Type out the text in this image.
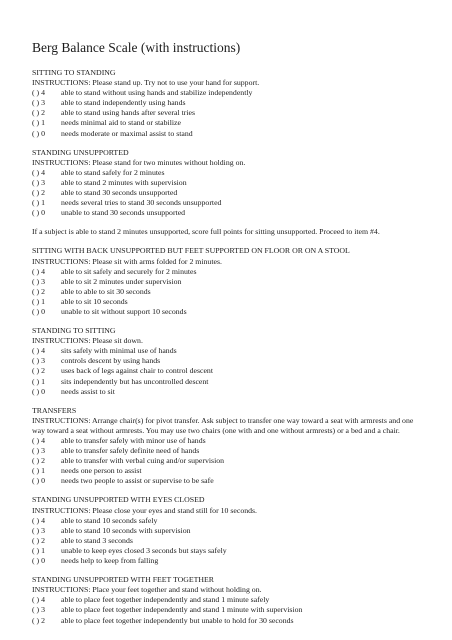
Berg Balance Scale (with instructions)
SITTING TO STANDING
INSTRUCTIONS: Please stand up. Try not to use your hand for support.
( ) 4	able to stand without using hands and stabilize independently
( ) 3	able to stand independently using hands
( ) 2	able to stand using hands after several tries
( ) 1	needs minimal aid to stand or stabilize
( ) 0	needs moderate or maximal assist to stand
STANDING UNSUPPORTED
INSTRUCTIONS: Please stand for two minutes without holding on.
( ) 4	able to stand safely for 2 minutes
( ) 3	able to stand 2 minutes with supervision
( ) 2	able to stand 30 seconds unsupported
( ) 1	needs several tries to stand 30 seconds unsupported
( ) 0	unable to stand 30 seconds unsupported
If a subject is able to stand 2 minutes unsupported, score full points for sitting unsupported. Proceed to item #4.
SITTING WITH BACK UNSUPPORTED BUT FEET SUPPORTED ON FLOOR OR ON A STOOL
INSTRUCTIONS: Please sit with arms folded for 2 minutes.
( ) 4	able to sit safely and securely for 2 minutes
( ) 3	able to sit 2 minutes under supervision
( ) 2	able to able to sit 30 seconds
( ) 1	able to sit 10 seconds
( ) 0	unable to sit without support 10 seconds
STANDING TO SITTING
INSTRUCTIONS: Please sit down.
( ) 4	sits safely with minimal use of hands
( ) 3	controls descent by using hands
( ) 2	uses back of legs against chair to control descent
( ) 1	sits independently but has uncontrolled descent
( ) 0	needs assist to sit
TRANSFERS
INSTRUCTIONS: Arrange chair(s) for pivot transfer. Ask subject to transfer one way toward a seat with armrests and one way toward a seat without armrests. You may use two chairs (one with and one without armrests) or a bed and a chair.
( ) 4	able to transfer safely with minor use of hands
( ) 3	able to transfer safely definite need of hands
( ) 2	able to transfer with verbal cuing and/or supervision
( ) 1	needs one person to assist
( ) 0	needs two people to assist or supervise to be safe
STANDING UNSUPPORTED WITH EYES CLOSED
INSTRUCTIONS: Please close your eyes and stand still for 10 seconds.
( ) 4	able to stand 10 seconds safely
( ) 3	able to stand 10 seconds with supervision
( ) 2	able to stand 3 seconds
( ) 1	unable to keep eyes closed 3 seconds but stays safely
( ) 0	needs help to keep from falling
STANDING UNSUPPORTED WITH FEET TOGETHER
INSTRUCTIONS: Place your feet together and stand without holding on.
( ) 4	able to place feet together independently and stand 1 minute safely
( ) 3	able to place feet together independently and stand 1 minute with supervision
( ) 2	able to place feet together independently but unable to hold for 30 seconds
